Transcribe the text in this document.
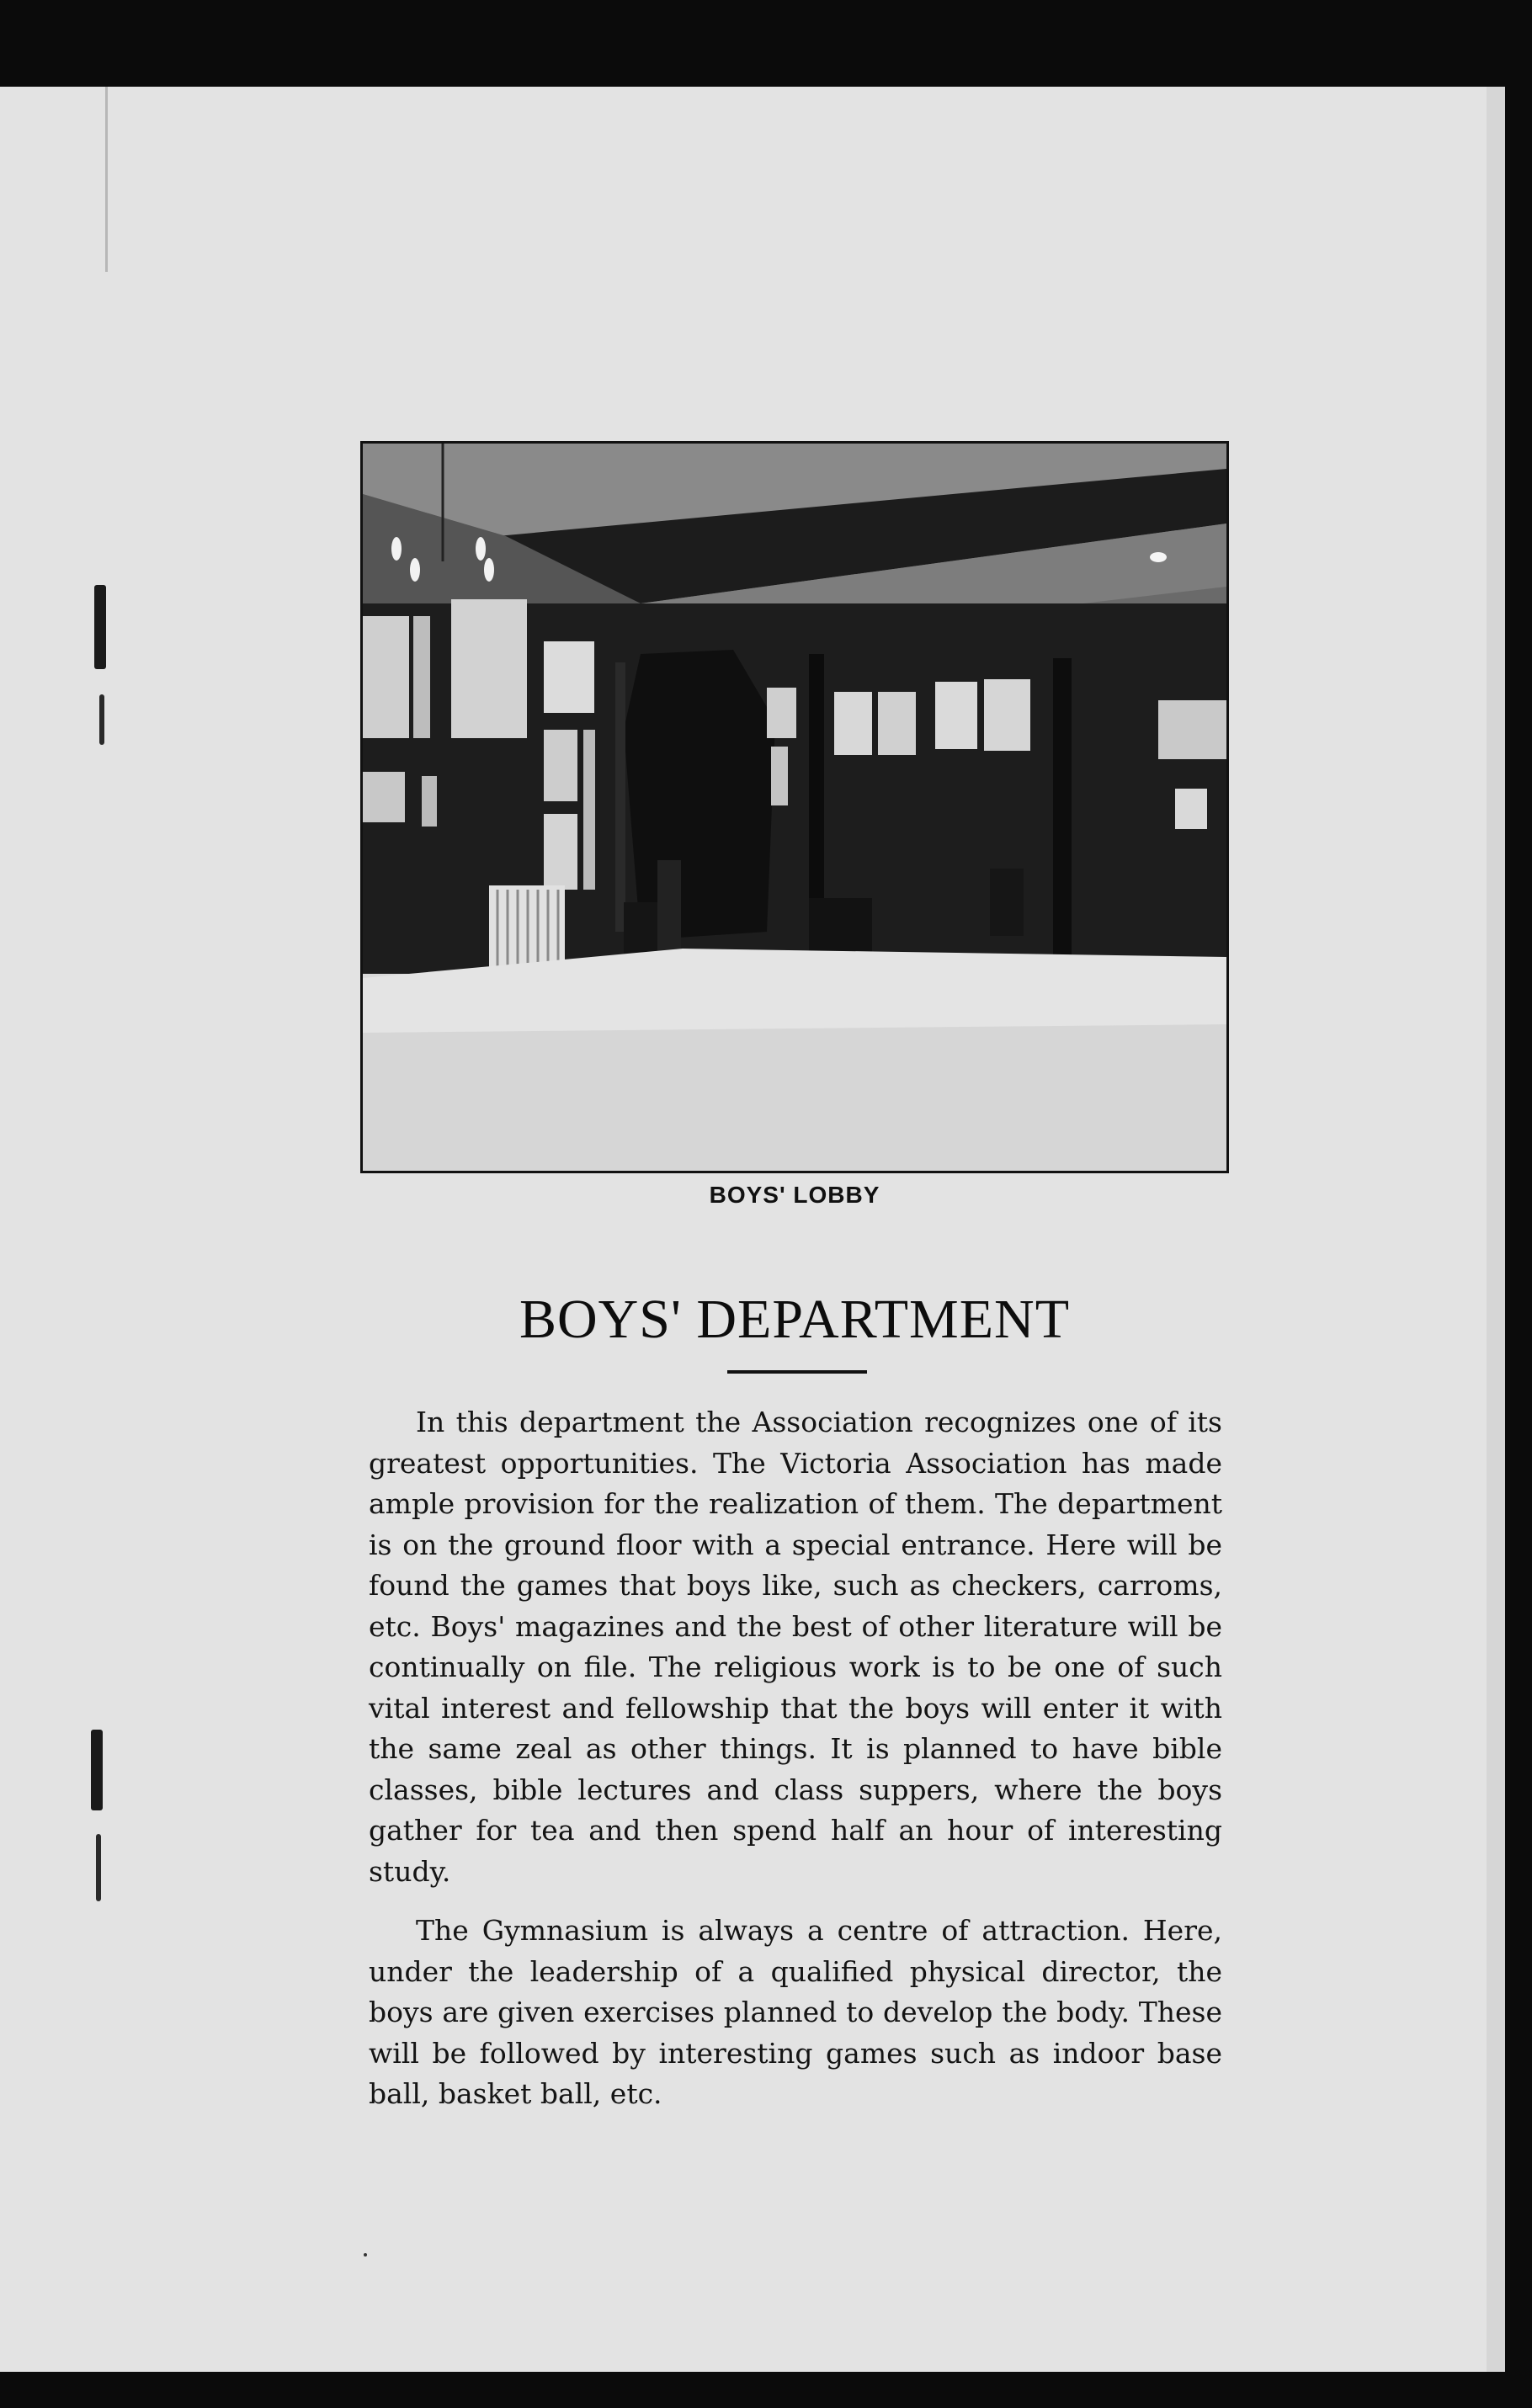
BOYS' LOBBY
BOYS' DEPARTMENT

In this department the Association recognizes one of its greatest opportunities. The Victoria Association has made ample provision for the realization of them. The department is on the ground floor with a special entrance. Here will be found the games that boys like, such as checkers, carroms, etc. Boys' magazines and the best of other literature will be continually on file. The religious work is to be one of such vital interest and fellowship that the boys will enter it with the same zeal as other things. It is planned to have bible classes, bible lectures and class suppers, where the boys gather for tea and then spend half an hour of interesting study.

The Gymnasium is always a centre of attraction. Here, under the leadership of a qualified physical director, the boys are given exercises planned to develop the body. These will be followed by interesting games such as indoor base ball, basket ball, etc.
